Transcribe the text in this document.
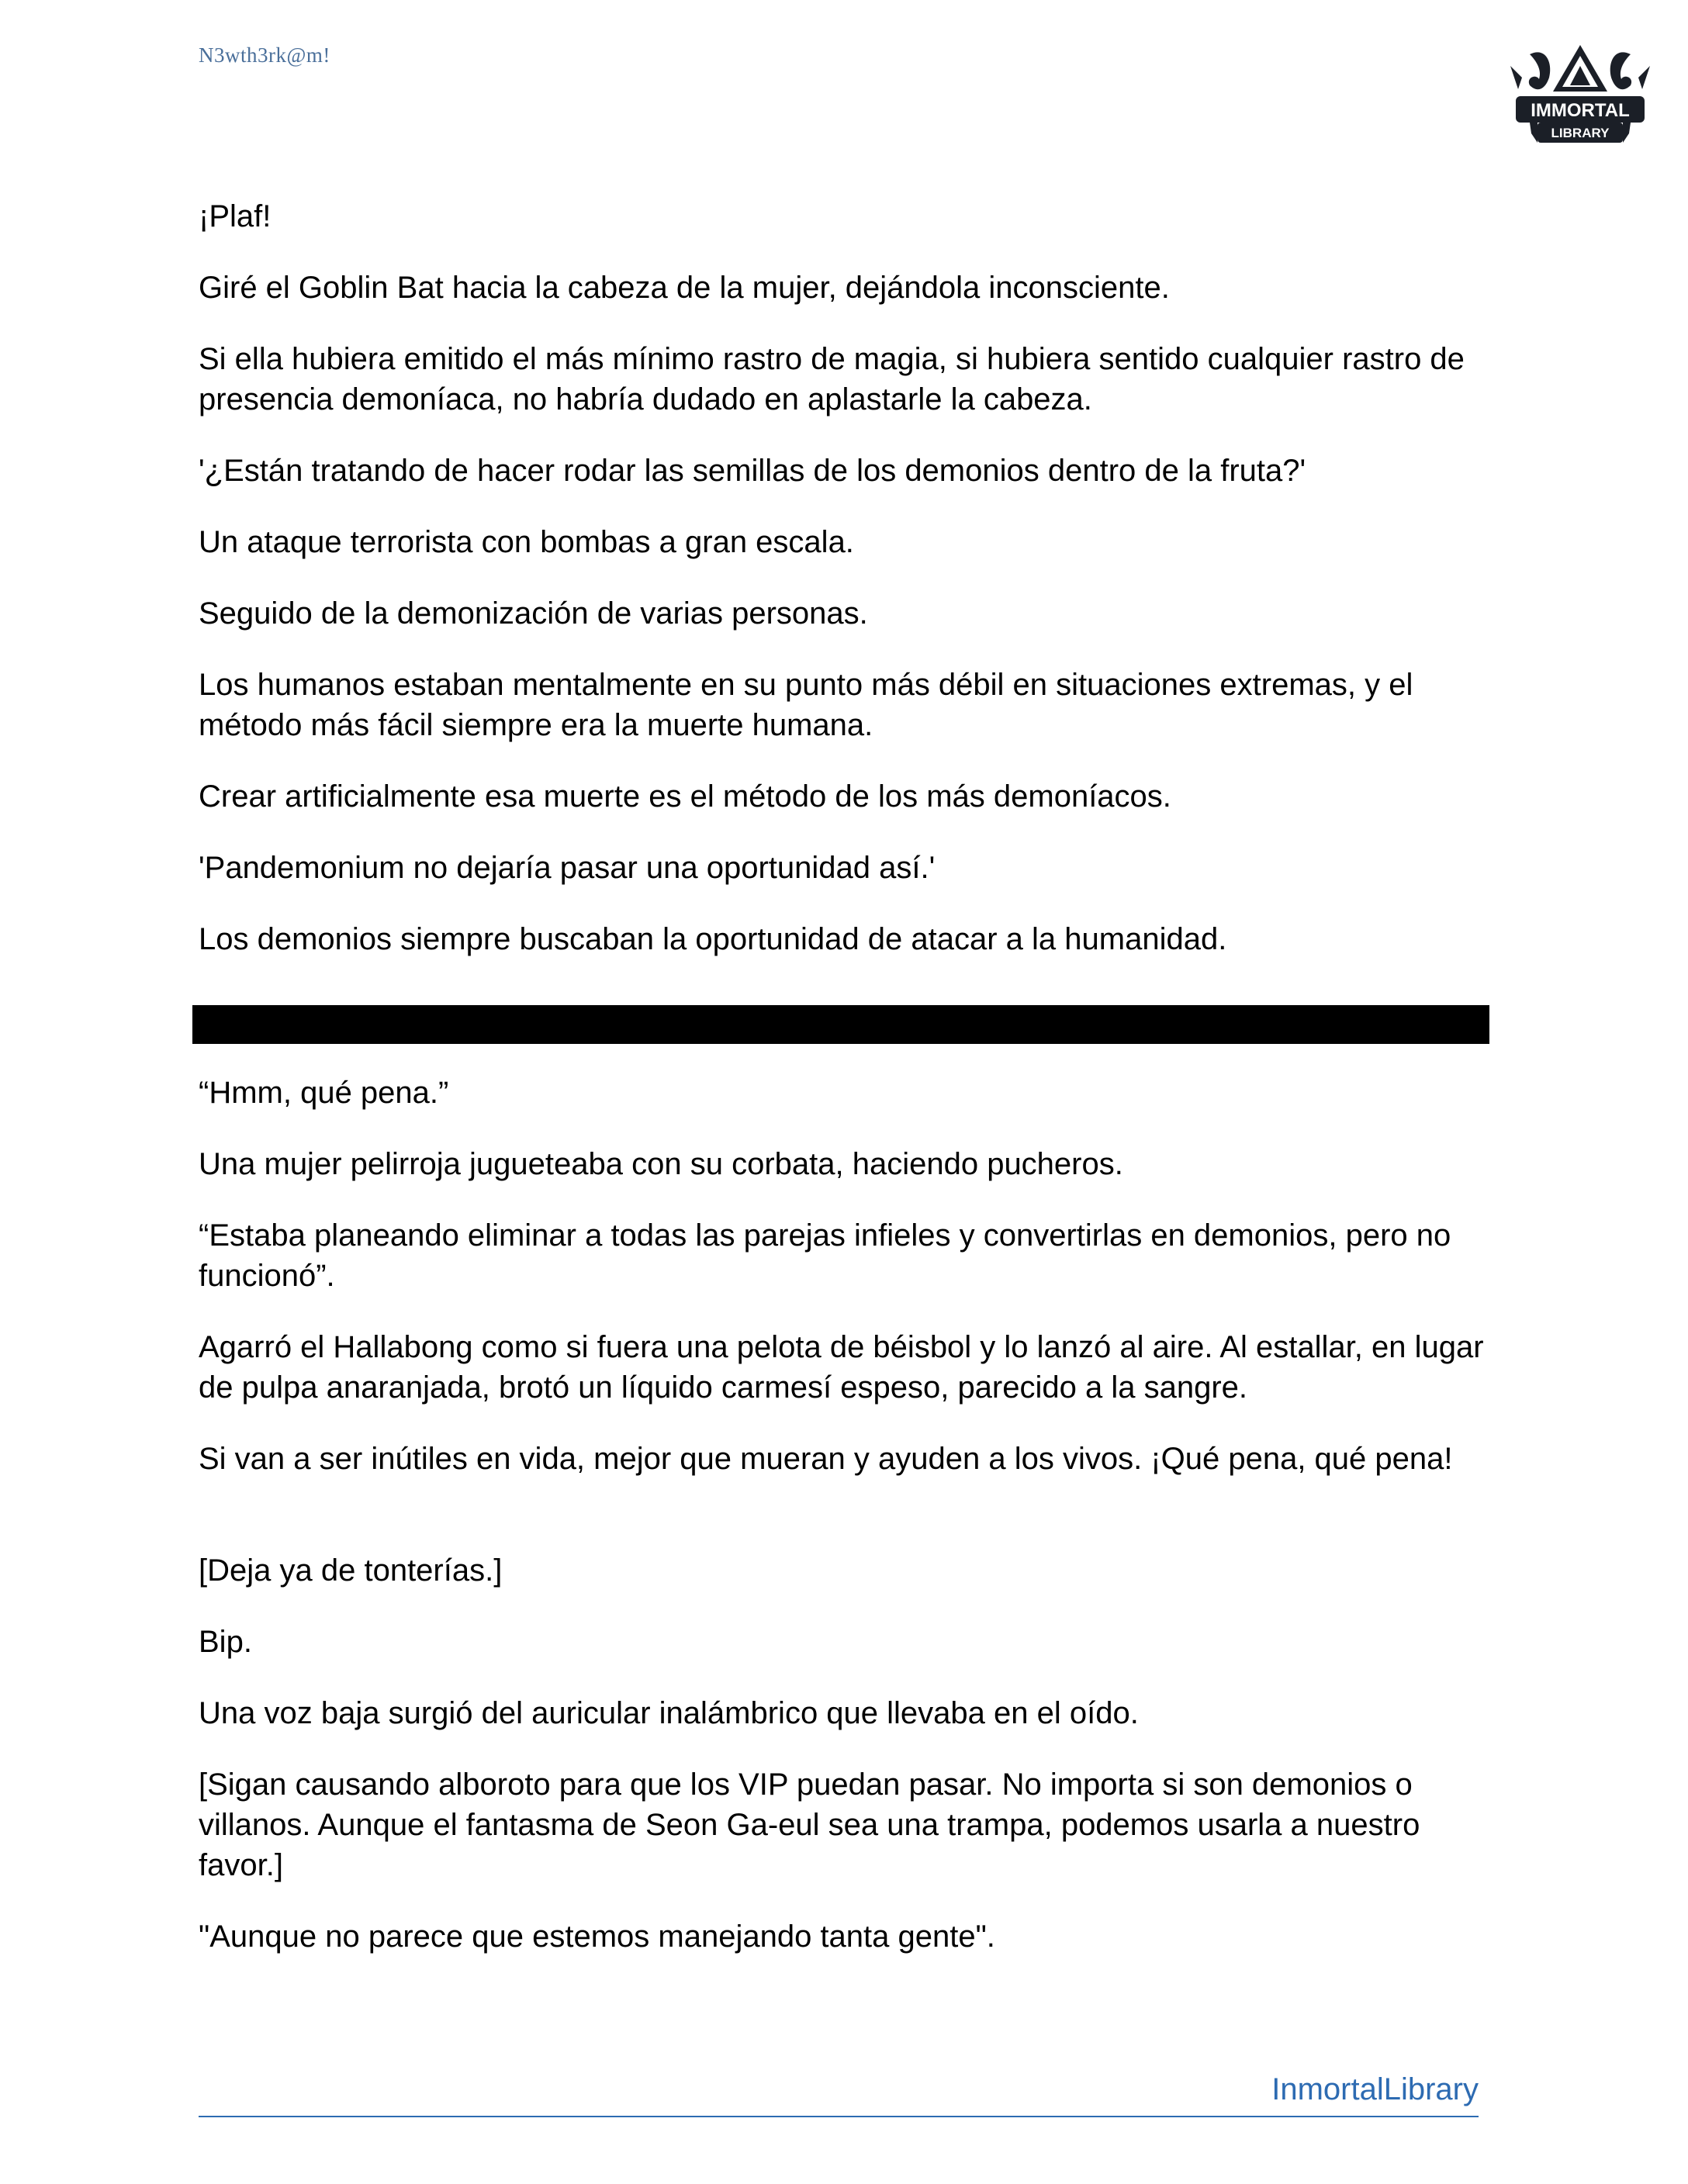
N3wth3rk@m!
IMMORTAL
LIBRARY

¡Plaf!

Giré el Goblin Bat hacia la cabeza de la mujer, dejándola inconsciente.

Si ella hubiera emitido el más mínimo rastro de magia, si hubiera sentido cualquier rastro de presencia demoníaca, no habría dudado en aplastarle la cabeza.

'¿Están tratando de hacer rodar las semillas de los demonios dentro de la fruta?'

Un ataque terrorista con bombas a gran escala.

Seguido de la demonización de varias personas.

Los humanos estaban mentalmente en su punto más débil en situaciones extremas, y el método más fácil siempre era la muerte humana.

Crear artificialmente esa muerte es el método de los más demoníacos.

'Pandemonium no dejaría pasar una oportunidad así.'

Los demonios siempre buscaban la oportunidad de atacar a la humanidad.

“Hmm, qué pena.”

Una mujer pelirroja jugueteaba con su corbata, haciendo pucheros.

“Estaba planeando eliminar a todas las parejas infieles y convertirlas en demonios, pero no funcionó”.

Agarró el Hallabong como si fuera una pelota de béisbol y lo lanzó al aire. Al estallar, en lugar de pulpa anaranjada, brotó un líquido carmesí espeso, parecido a la sangre.

Si van a ser inútiles en vida, mejor que mueran y ayuden a los vivos. ¡Qué pena, qué pena!

[Deja ya de tonterías.]

Bip.

Una voz baja surgió del auricular inalámbrico que llevaba en el oído.

[Sigan causando alboroto para que los VIP puedan pasar. No importa si son demonios o villanos. Aunque el fantasma de Seon Ga-eul sea una trampa, podemos usarla a nuestro favor.]

"Aunque no parece que estemos manejando tanta gente".

InmortalLibrary
